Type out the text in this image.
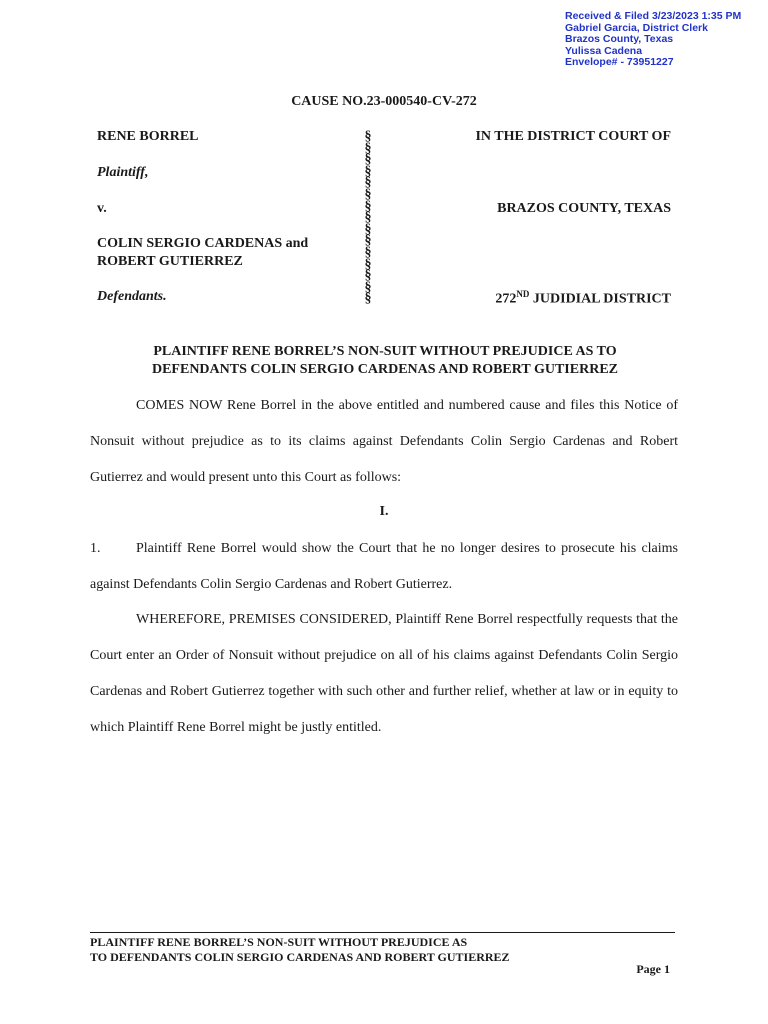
Received & Filed 3/23/2023 1:35 PM
Gabriel Garcia, District Clerk
Brazos County, Texas
Yulissa Cadena
Envelope# - 73951227
CAUSE NO.23-000540-CV-272
RENE BORREL
Plaintiff,
v.
COLIN SERGIO CARDENAS and
ROBERT GUTIERREZ
Defendants.
§
§
§
§
§
§
§
§
§
§
§
§
§
§
§
IN THE DISTRICT COURT OF
BRAZOS COUNTY, TEXAS
272ND JUDIDIAL DISTRICT
PLAINTIFF RENE BORREL’S NON-SUIT WITHOUT PREJUDICE AS TO
DEFENDANTS COLIN SERGIO CARDENAS AND ROBERT GUTIERREZ
COMES NOW Rene Borrel in the above entitled and numbered cause and files this Notice of Nonsuit without prejudice as to its claims against Defendants Colin Sergio Cardenas and Robert Gutierrez and would present unto this Court as follows:
I.
1.	Plaintiff Rene Borrel would show the Court that he no longer desires to prosecute his claims
against Defendants Colin Sergio Cardenas and Robert Gutierrez.
WHEREFORE, PREMISES CONSIDERED, Plaintiff Rene Borrel respectfully requests that the Court enter an Order of Nonsuit without prejudice on all of his claims against Defendants Colin Sergio Cardenas and Robert Gutierrez together with such other and further relief, whether at law or in equity to which Plaintiff Rene Borrel might be justly entitled.
PLAINTIFF RENE BORREL’S NON-SUIT WITHOUT PREJUDICE AS
TO DEFENDANTS COLIN SERGIO CARDENAS AND ROBERT GUTIERREZ
Page 1
